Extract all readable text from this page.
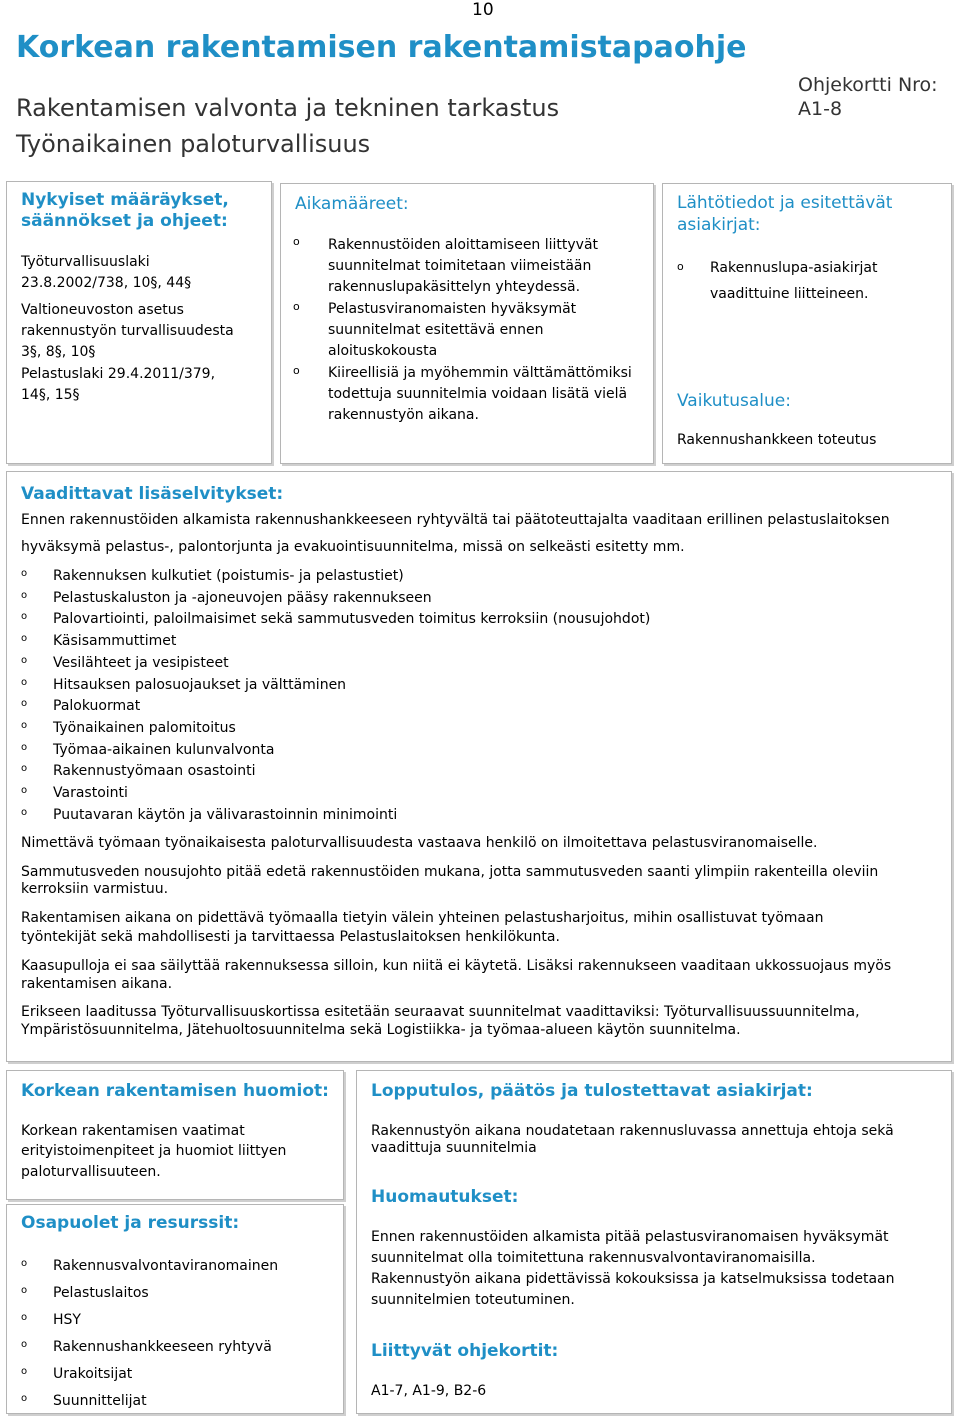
10
Korkean rakentamisen rakentamistapaohje
Rakentamisen valvonta ja tekninen tarkastus
Työnaikainen paloturvallisuus
Ohjekortti Nro:
A1-8
Nykyiset määräykset, säännökset ja ohjeet:
Työturvallisuuslaki 23.8.2002/738, 10§, 44§
Valtioneuvoston asetus rakennustyön turvallisuudesta 3§, 8§, 10§
Pelastuslaki 29.4.2011/379, 14§, 15§
Aikamääreet:
o Rakennustöiden aloittamiseen liittyvät suunnitelmat toimitetaan viimeistään rakennuslupakäsittelyn yhteydessä.
o Pelastusviranomaisten hyväksymät suunnitelmat esitettävä ennen aloituskokousta
o Kiireellisiä ja myöhemmin välttämättömiksi todettuja suunnitelmia voidaan lisätä vielä rakennustyön aikana.
Lähtötiedot ja esitettävät asiakirjat:
o Rakennuslupa-asiakirjat
vaadittuine liitteineen.
Vaikutusalue:
Rakennushankkeen toteutus
Vaadittavat lisäselvitykset:
Ennen rakennustöiden alkamista rakennushankkeeseen ryhtyvältä tai päätoteuttajalta vaaditaan erillinen pelastuslaitoksen
hyväksymä pelastus-, palontorjunta ja evakuointisuunnitelma, missä on selkeästi esitetty mm.
o Rakennuksen kulkutiet (poistumis- ja pelastustiet)
o Pelastuskaluston ja -ajoneuvojen pääsy rakennukseen
o Palovartiointi, paloilmaisimet sekä sammutusveden toimitus kerroksiin (nousujohdot)
o Käsisammuttimet
o Vesilähteet ja vesipisteet
o Hitsauksen palosuojaukset ja välttäminen
o Palokuormat
o Työnaikainen palomitoitus
o Työmaa-aikainen kulunvalvonta
o Rakennustyömaan osastointi
o Varastointi
o Puutavaran käytön ja välivarastoinnin minimointi
Nimettävä työmaan työnaikaisesta paloturvallisuudesta vastaava henkilö on ilmoitettava pelastusviranomaiselle.
Sammutusveden nousujohto pitää edetä rakennustöiden mukana, jotta sammutusveden saanti ylimpiin rakenteilla oleviin
kerroksiin varmistuu.
Rakentamisen aikana on pidettävä työmaalla tietyin välein yhteinen pelastusharjoitus, mihin osallistuvat työmaan
työntekijät sekä mahdollisesti ja tarvittaessa Pelastuslaitoksen henkilökunta.
Kaasupulloja ei saa säilyttää rakennuksessa silloin, kun niitä ei käytetä. Lisäksi rakennukseen vaaditaan ukkossuojaus myös
rakentamisen aikana.
Erikseen laaditussa Työturvallisuuskortissa esitetään seuraavat suunnitelmat vaadittaviksi: Työturvallisuussuunnitelma,
Ympäristösuunnitelma, Jätehuoltosuunnitelma sekä Logistiikka- ja työmaa-alueen käytön suunnitelma.
Korkean rakentamisen huomiot:
Korkean rakentamisen vaatimat
erityistoimenpiteet ja huomiot liittyen
paloturvallisuuteen.
Osapuolet ja resurssit:
o Rakennusvalvontaviranomainen
o Pelastuslaitos
o HSY
o Rakennushankkeeseen ryhtyvä
o Urakoitsijat
o Suunnittelijat
Lopputulos, päätös ja tulostettavat asiakirjat:
Rakennustyön aikana noudatetaan rakennusluvassa annettuja ehtoja sekä
vaadittuja suunnitelmia
Huomautukset:
Ennen rakennustöiden alkamista pitää pelastusviranomaisen hyväksymät
suunnitelmat olla toimitettuna rakennusvalvontaviranomaisilla.
Rakennustyön aikana pidettävissä kokouksissa ja katselmuksissa todetaan
suunnitelmien toteutuminen.
Liittyvät ohjekortit:
A1-7, A1-9, B2-6
